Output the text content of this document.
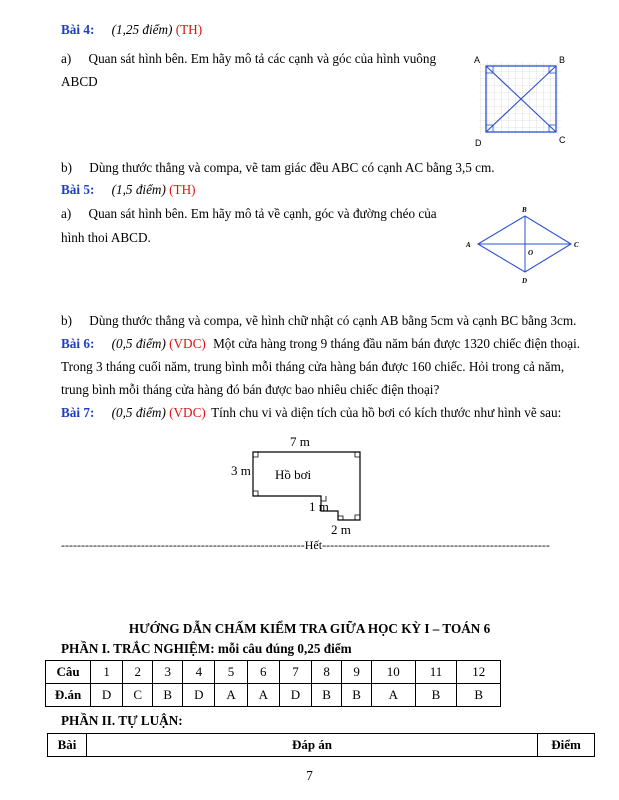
Bài 4: (1,25 điểm) (TH)
a) Quan sát hình bên. Em hãy mô tả các cạnh và góc của hình vuông
ABCD
A	B
C
D
b) Dùng thước thẳng và compa, vẽ tam giác đều ABC có cạnh AC bằng 3,5 cm.
Bài 5: (1,5 điểm) (TH)
a) Quan sát hình bên. Em hãy mô tả về cạnh, góc và đường chéo của
hình thoi ABCD.
B
A	C
D
O
b) Dùng thước thẳng và compa, vẽ hình chữ nhật có cạnh AB bằng 5cm và cạnh BC bằng 3cm.
Bài 6: (0,5 điểm) (VDC) Một cửa hàng trong 9 tháng đầu năm bán được 1320 chiếc điện thoại.
Trong 3 tháng cuối năm, trung bình mỗi tháng cửa hàng bán được 160 chiếc. Hỏi trong cả năm,
trung bình mỗi tháng cửa hàng đó bán được bao nhiêu chiếc điện thoại?
Bài 7: (0,5 điểm) (VDC) Tính chu vi và diện tích của hồ bơi có kích thước như hình vẽ sau:
7 m
3 m Hồ bơi
1 m
2 m
-------------------------------------------------------------Hết---------------------------------------------------------
HƯỚNG DẪN CHẤM KIỂM TRA GIỮA HỌC KỲ I – TOÁN 6
PHẦN I. TRẮC NGHIỆM: mỗi câu đúng 0,25 điểm
Câu	1	2	3	4	5	6	7	8	9	10	11	12
Đ.án	D	C	B	D	A	A	D	B	B	A	B	B
PHẦN II. TỰ LUẬN:
Bài	Đáp án	Điểm
7
